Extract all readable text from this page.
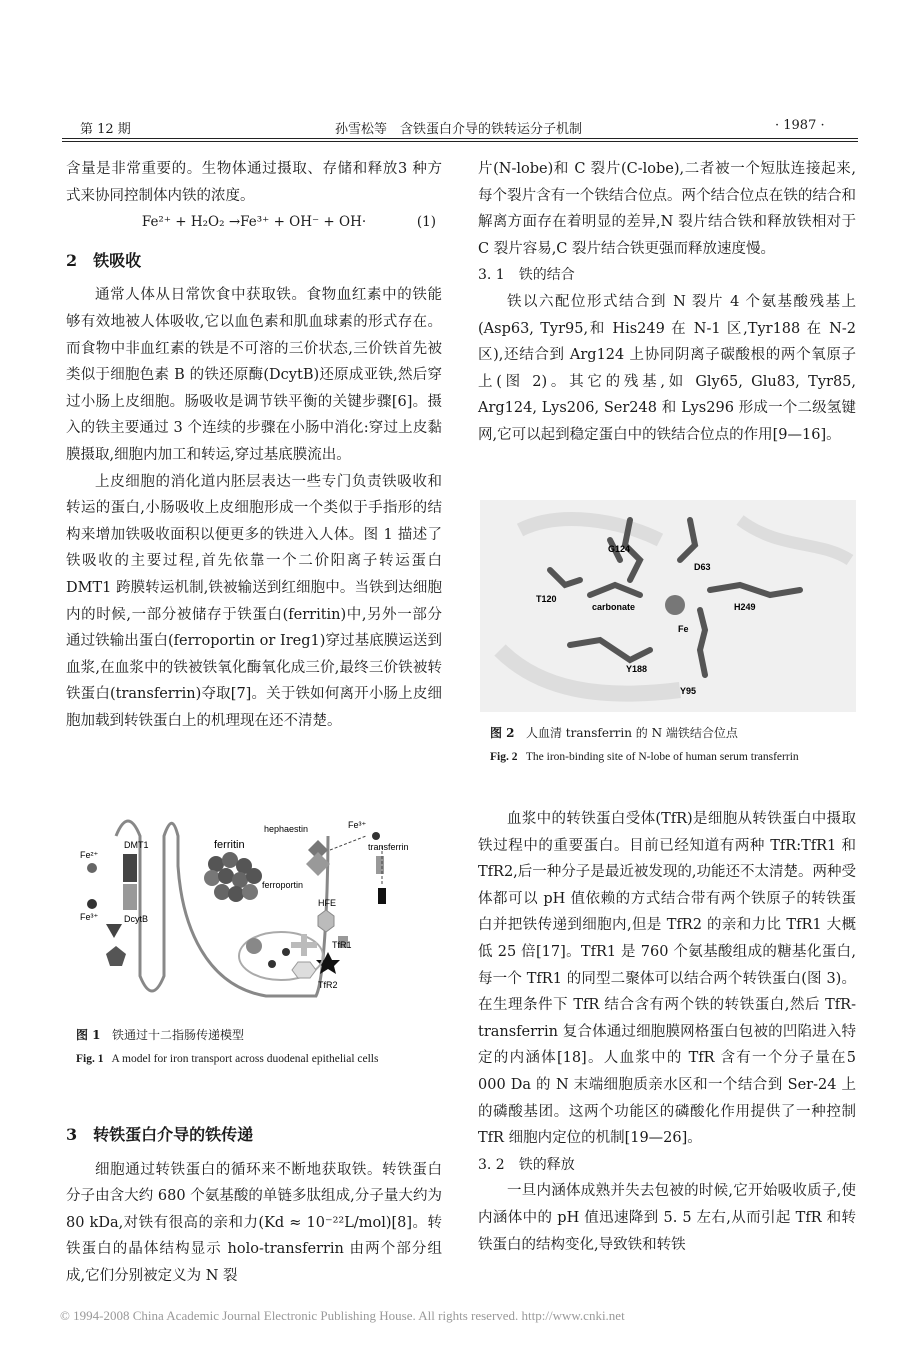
第 12 期	孙雪松等　含铁蛋白介导的铁转运分子机制	· 1987 ·

含量是非常重要的。生物体通过摄取、存储和释放3 种方式来协同控制体内铁的浓度。

Fe²⁺ + H₂O₂ →Fe³⁺ + OH⁻ + OH·	(1)

2　铁吸收

通常人体从日常饮食中获取铁。食物血红素中的铁能够有效地被人体吸收,它以血色素和肌血球素的形式存在。而食物中非血红素的铁是不可溶的三价状态,三价铁首先被类似于细胞色素 B 的铁还原酶(DcytB)还原成亚铁,然后穿过小肠上皮细胞。肠吸收是调节铁平衡的关键步骤[6]。摄入的铁主要通过 3 个连续的步骤在小肠中消化:穿过上皮黏膜摄取,细胞内加工和转运,穿过基底膜流出。

上皮细胞的消化道内胚层表达一些专门负责铁吸收和转运的蛋白,小肠吸收上皮细胞形成一个类似于手指形的结构来增加铁吸收面积以便更多的铁进入人体。图 1 描述了铁吸收的主要过程,首先依靠一个二价阳离子转运蛋白 DMT1 跨膜转运机制,铁被输送到红细胞中。当铁到达细胞内的时候,一部分被储存于铁蛋白(ferritin)中,另外一部分通过铁输出蛋白(ferroportin or Ireg1)穿过基底膜运送到血浆,在血浆中的铁被铁氧化酶氧化成三价,最终三价铁被转铁蛋白(transferrin)夺取[7]。关于铁如何离开小肠上皮细胞加载到转铁蛋白上的机理现在还不清楚。

Fe²⁺
DMT1	ferritin
Fe³⁺	DcytB
hephaestin	Fe³⁺
transferrin
ferroportin
HFE
TfR1
TfR2
图 1 铁通过十二指肠传递模型
Fig. 1 A model for iron transport across duodenal epithelial cells

3　转铁蛋白介导的铁传递

细胞通过转铁蛋白的循环来不断地获取铁。转铁蛋白分子由含大约 680 个氨基酸的单链多肽组成,分子量大约为 80 kDa,对铁有很高的亲和力(Kd ≈ 10⁻²²L/mol)[8]。转铁蛋白的晶体结构显示 holo-transferrin 由两个部分组成,它们分别被定义为 N 裂

片(N-lobe)和 C 裂片(C-lobe),二者被一个短肽连接起来,每个裂片含有一个铁结合位点。两个结合位点在铁的结合和解离方面存在着明显的差异,N 裂片结合铁和释放铁相对于 C 裂片容易,C 裂片结合铁更强而释放速度慢。

3. 1　铁的结合

铁以六配位形式结合到 N 裂片 4 个氨基酸残基上(Asp63, Tyr95,和 His249 在 N-1 区,Tyr188 在 N-2 区),还结合到 Arg124 上协同阴离子碳酸根的两个氧原子上(图 2)。其它的残基,如 Gly65, Glu83, Tyr85, Arg124, Lys206, Ser248 和 Lys296 形成一个二级氢键网,它可以起到稳定蛋白中的铁结合位点的作用[9—16]。

G124
D63
T120
carbonate	H249
Fe
Y188
Y95
图 2 人血清 transferrin 的 N 端铁结合位点
Fig. 2 The iron-binding site of N-lobe of human serum transferrin

血浆中的转铁蛋白受体(TfR)是细胞从转铁蛋白中摄取铁过程中的重要蛋白。目前已经知道有两种 TfR:TfR1 和 TfR2,后一种分子是最近被发现的,功能还不太清楚。两种受体都可以 pH 值依赖的方式结合带有两个铁原子的转铁蛋白并把铁传递到细胞内,但是 TfR2 的亲和力比 TfR1 大概低 25 倍[17]。TfR1 是 760 个氨基酸组成的糖基化蛋白,每一个 TfR1 的同型二聚体可以结合两个转铁蛋白(图 3)。在生理条件下 TfR 结合含有两个铁的转铁蛋白,然后 TfR-transferrin 复合体通过细胞膜网格蛋白包被的凹陷进入特定的内涵体[18]。人血浆中的 TfR 含有一个分子量在5 000 Da 的 N 末端细胞质亲水区和一个结合到 Ser-24 上的磷酸基团。这两个功能区的磷酸化作用提供了一种控制 TfR 细胞内定位的机制[19—26]。

3. 2　铁的释放

一旦内涵体成熟并失去包被的时候,它开始吸收质子,使内涵体中的 pH 值迅速降到 5. 5 左右,从而引起 TfR 和转铁蛋白的结构变化,导致铁和转铁

© 1994-2008 China Academic Journal Electronic Publishing House. All rights reserved. http://www.cnki.net
